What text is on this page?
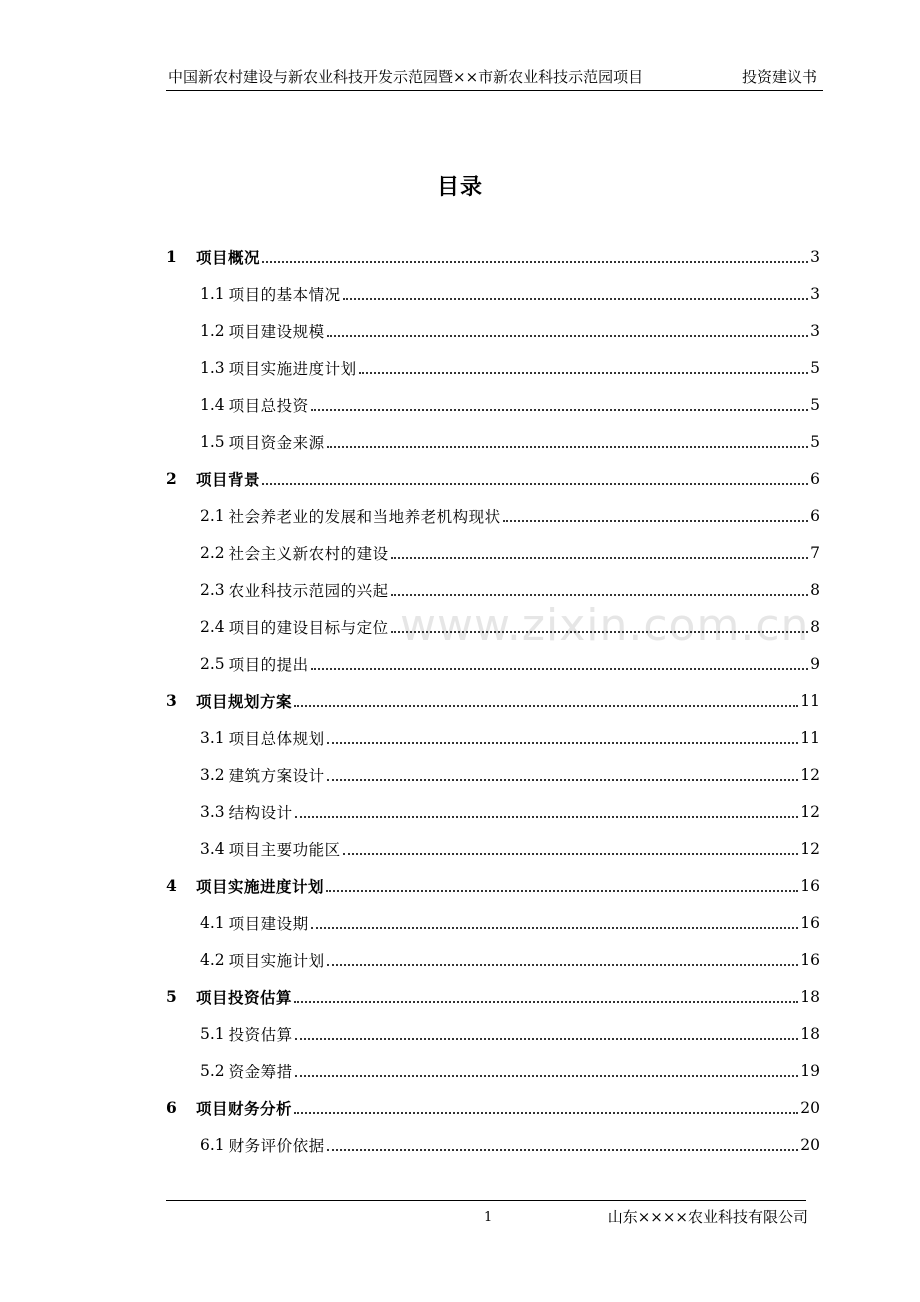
中国新农村建设与新农业科技开发示范园暨××市新农业科技示范园项目	投资建议书
目录
www.zixin.com.cn
1	项目概况	3
1.1 项目的基本情况	3
1.2 项目建设规模	3
1.3 项目实施进度计划	5
1.4 项目总投资	5
1.5 项目资金来源	5
2	项目背景	6
2.1 社会养老业的发展和当地养老机构现状	6
2.2 社会主义新农村的建设	7
2.3 农业科技示范园的兴起	8
2.4 项目的建设目标与定位	8
2.5 项目的提出	9
3	项目规划方案	11
3.1 项目总体规划	11
3.2 建筑方案设计	12
3.3 结构设计	12
3.4 项目主要功能区	12
4	项目实施进度计划	16
4.1 项目建设期	16
4.2 项目实施计划	16
5	项目投资估算	18
5.1 投资估算	18
5.2 资金筹措	19
6	项目财务分析	20
6.1 财务评价依据	20
1	山东××××农业科技有限公司
